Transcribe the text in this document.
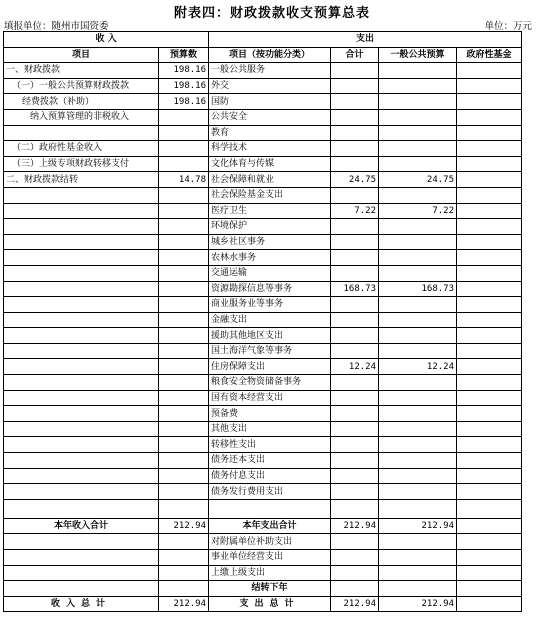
附表四：财政拨款收支预算总表
填报单位：随州市国资委	单位：万元
收 入		支出			
项目	预算数	项目（按功能分类）	合计	一般公共预算	政府性基金
一、财政拨款	198.16	一般公共服务			
（一）一般公共预算财政拨款	198.16	外交			
经费拨款（补助）	198.16	国防			
纳入预算管理的非税收入		公共安全			
		教育			
（二）政府性基金收入		科学技术			
（三）上级专项财政转移支付		文化体育与传媒			
二、财政拨款结转	14.78	社会保障和就业	24.75	24.75	
		社会保险基金支出			
		医疗卫生	7.22	7.22	
		环境保护			
		城乡社区事务			
		农林水事务			
		交通运输			
		资源勘探信息等事务	168.73	168.73	
		商业服务业等事务			
		金融支出			
		援助其他地区支出			
		国土海洋气象等事务			
		住房保障支出	12.24	12.24	
		粮食安全物资储备事务			
		国有资本经营支出			
		预备费			
		其他支出			
		转移性支出			
		债务还本支出			
		债务付息支出			
		债务发行费用支出			

本年收入合计	212.94	本年支出合计	212.94	212.94	
		对附属单位补助支出			
		事业单位经营支出			
		上缴上级支出			
		结转下年			
收入总计	212.94	支出总计	212.94	212.94	
